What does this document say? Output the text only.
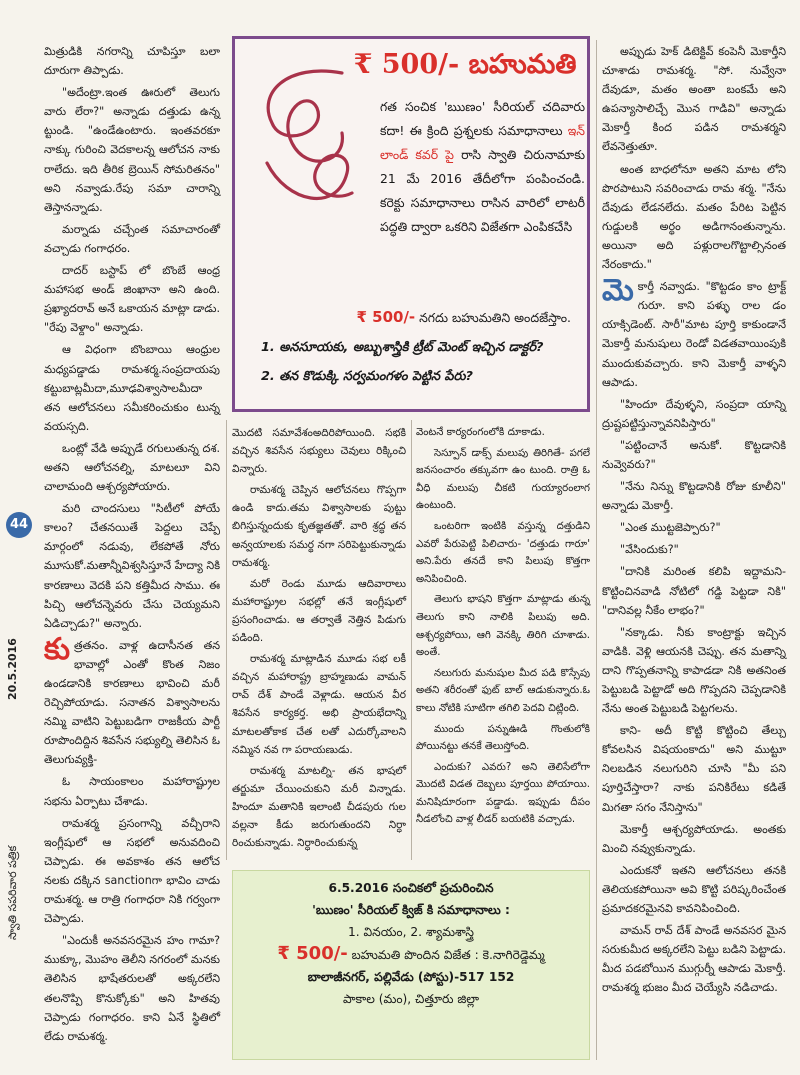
44
20.5.2016
స్వాతి సపరివార పత్రిక

మిత్రుడికి నగరాన్ని చూపిస్తూ బలా దూరుగా తిప్పాడు.

"అదేంట్రా.ఇంత ఊరులో తెలుగు వారు లేరా?" అన్నాడు దత్తుడు ఉన్న ట్టుండి. "ఉండేఉంటారు. ఇంతవరకూ నాక్కు గురించి వెదకాలన్న ఆలోచన నాకు రాలేదు. ఇది తీరిక బ్రెయిన్ సోమరితనం" అని నవ్వాడు.రేపు సమా చారాన్ని తెస్తానన్నాడు.

మర్నాడు చచ్చేంత సమాచారంతో వచ్చాడు గంగాధరం.

దాదర్ బస్టాప్ లో బొంబే ఆంధ్ర మహాసభ అండ్ జింఖానా అని ఉంది. ప్రఖ్యాదరావ్ అనే ఒకాయన మాట్లా డాడు. "రేపు వెళ్దాం" అన్నాడు.

ఆ విధంగా బొంబాయి ఆంధ్రుల మధ్యపడ్డాడు రామశర్మ.సంప్రదాయపు కట్టుబాట్లమీదా,మూఢవిశ్వాసాలమీదా తన ఆలోచనలు సమీకరించుకుం టున్న వయస్సది.

ఒంట్లో వేడి అప్పుడే రగులుతున్న దశ. అతని ఆలోచనల్ని, మాటలూ విని చాలామంది ఆశ్చర్యపోయారు.

మరి చాందసులు "సిటీలో పోయే కాలం? చేతనయితే పెద్దలు చెప్పే మార్గంలో నడువు, లేకపోతే నోరు మూసుకో.మతాన్నీవిశ్వసిస్తూనే హేద్యా నికి కారణాలు వెదకి పని కత్తిమీద సాము. ఈ పిచ్చి ఆలోచన్నెవరు చేసు చెయ్యమని ఏడిచ్చాడు?" అన్నారు.

కుత్రతనం. వాళ్ల ఉదాసీనత తన భావాల్లో ఎంతో కొంత నిజం ఉండడానికి కారణాలు భావించి మరీ రెచ్చిపోయాడు. సనాతన విశ్వాసాలను నమ్మి వాటిని పెట్టుబడిగా రాజకీయ పార్టీ రూపొందిద్దిన శివసేన సభ్యుల్ని తెలిసిన ఓ తెలుగువ్యక్తి-

ఓ సాయంకాలం మహారాష్ట్రుల సభను ఏర్పాటు చేశాడు.

రామశర్మ ప్రసంగాన్ని వచ్చీరాని ఇంగ్లీషులో ఆ సభలో అనువదించి చెప్పాడు. ఈ అవకాశం తన ఆలోచ నలకు దక్కిన sanctionగా భావిం చాడు రామశర్మ. ఆ రాత్రి గంగాధరా నికి గర్వంగా చెప్పాడు.

"ఎందుకీ అనవసరమైన హం గామా? ముక్కూ, మొహం తెలీని నగరంలో మనకు తెలిసిన భాషేతరులతో అక్కరలేని తలనొప్పి కొనుక్కోకు" అని హితవు చెప్పాడు గంగాధరం. కాని ఏనే స్థితిలో లేడు రామశర్మ.

₹ 500/- బహుమతి
గత సంచిక 'ఋణం' సీరియల్ చదివారు కదా! ఈ క్రింది ప్రశ్నలకు సమాధానాలు ఇన్ లాండ్ కవర్ పై రాసి స్వాతి చిరునామాకు 21 మే 2016 తేదీలోగా పంపించండి. కరెక్టు సమాధానాలు రాసిన వారిలో లాటరీ పద్ధతి ద్వారా ఒకరిని విజేతగా ఎంపికచేసి
₹ 500/- నగదు బహుమతిని అందజేస్తాం.
1. అనసూయకు, అబ్బుశాస్త్రికి ట్రీట్ మెంట్ ఇచ్చిన డాక్టర్?
2. తన కొడుక్కి సర్వమంగళం పెట్టిన పేరు?

మొదటి సమావేశంఅదిరిపోయింది. సభకి వచ్చిన శివసేన సభ్యులు చెవులు రిక్కించి విన్నారు.

రామశర్మ చెప్పిన ఆలోచనలు గొప్పగా ఉండి కాదు.తమ విశ్వాసాలకు పుట్టు బిగిస్తున్నందుకు కృతజ్ఞతతో. వారి శ్రద్ధ తన అన్వయాలకు సమర్థ నగా సరిపెట్టుకున్నాడు రామశర్మ.

మరో రెండు మూడు ఆదివారాలు మహారాష్ట్రుల సభల్లో తనే ఇంగ్లీషులో ప్రసంగించాడు. ఆ తర్వాతే నెత్తిన పిడుగు పడింది.

రామశర్మ మాట్లాడిన మూడు సభ లకీ వచ్చిన మహారాష్ట్ర బ్రాహ్మణుడు వామన్ రావ్ దేశ్ పాండే వెళ్లాడు. ఆయన వీర శివసేన కార్యకర్త. అభి ప్రాయభేదాన్ని మాటలతోకాక చేత లతో ఎదుర్కోవాలని నమ్మిన నవ గా పరాయణుడు.

రామశర్మ మాటల్ని- తన భాషలో తర్జుమా చేయించుకుని మరీ విన్నాడు. హిందూ మతానికి ఇలాంటి చీడపురు గుల వల్లనా కీడు జరుగుతుందని నిర్ధా రించుకున్నాడు. నిర్ధారించుకున్న

వెంటనే కార్యరంగంలోకి దూకాడు.

సెస్పూన్ డాక్స్ మలుపు తిరిగితే- పగలే జనసంచారం తక్కువగా ఉం టుంది. రాత్రి ఓ వీధి మలుపు చీకటి గుయ్యారంలాగ ఉంటుంది.

ఒంటరిగా ఇంటికి వస్తున్న దత్తుడిని ఎవరో పేరుపెట్టి పిలిచారు- 'దత్తుడు గారూ' అని.పేరు తనదే కాని పిలుపు కొత్తగా అనిపించింది.

తెలుగు భాషని కొత్తగా మాట్లాడు తున్న తెలుగు కాని నాలికి పిలుపు అది. ఆశ్చర్యపోయి, ఆగి వెనక్కి తిరిగి చూశాడు. అంతే.

నలుగురు మనుషుల మీద పడి కొస్సేపు అతని శరీరంతో ఫుట్ బాల్ ఆడుకున్నారు.ఓ కాలు నోటికి సూటిగా తగిలి పెదవి చిట్లింది.

ముందు పన్నుఊడి గొంతులోకి పోయినట్టు తనకే తెలుస్తోంది.

ఎందుకు? ఎవరు? అని తెలిసేలోగా మొదటి విడత దెబ్బలు పూర్తయి పోయాయి. మనిషిదూరంగా పడ్డాడు. ఇప్పుడు దీపం నీడలోంచి వాళ్ల లీడర్ బయటికి వచ్చాడు.

6.5.2016 సంచికలో ప్రచురించిన
'ఋణం' సీరియల్ క్విజ్ కి సమాధానాలు :
1. వినయం, 2. శ్యామశాస్త్రి
₹ 500/- బహుమతి పొందిన విజేత : కె.నాగిరెడ్డెమ్మ
బాలాజీనగర్, పల్లివేడు (పోస్టు)-517 152
పాకాల (మం), చిత్తూరు జిల్లా

అప్పుడు హెక్ డిటెక్టివ్ కంపెనీ మెకార్తీని చూశాడు రామశర్మ. "సో. నువ్వేనా దేవుడూ, మతం అంతా బంకమే అని ఉపన్యాసాలిచ్చే మొన గాడివి" అన్నాడు మెకార్తీ కింద పడిన రామశర్మని లేవనెత్తుతూ.

అంత బాధలోనూ అతని మాట లోని పొరపాటుని సవరించాడు రామ శర్మ. "నేను దేవుడు లేడనలేదు. మతం పేరిట పెట్టిన గుడ్డులకి అర్థం అడిగానంతున్నాను. అయినా అది పళ్లురాలగొట్టాల్సినంత నేరంకాదు."

మెకార్తీ నవ్వాడు. "కొట్టడం కాం ట్రాక్ట్ గురూ. కాని పళ్ళు రాల డం యాక్సిడెంట్. సారీ"మాట పూర్తి కాకుండానే మెకార్తీ మనుషులు రెండో విడతవాయింపుకి ముందుకువచ్చారు. కాని మెకార్తీ వాళ్ళని ఆపాడు.

"హిందూ దేవుళ్ళని, సంప్రదా యాన్ని ద్రుష్టపట్టిస్తున్నావనిపిస్తారు"

"పట్టించానే అనుకో. కొట్టడానికి నువ్వెవరు?"

"నేను నిన్ను కొట్టడానికి రోజు కూలీని" అన్నాడు మెకార్తీ.

"ఎంత ముట్టజెప్పారు?"

"వేసిందుకు?"

"దానికి మరింత కలిపి ఇద్దామని- కొట్టించినవాడి నోటిలో గడ్డి పెట్టడా నికి" "దానివల్ల నీకేం లాభం?"

"నక్కాడు. నీకు కాంట్రాక్టు ఇచ్చిన వాడికి. వెళ్లి ఆయనకి చెప్పు. తన మతాన్ని దాని గొప్పతనాన్ని కాపాడడా నికి అతనింత పెట్టుబడి పెట్టాడో అది గొప్పదని చెప్పడానికి నేను అంత పెట్టుబడి పెట్టగలను.

కాని- అదీ కొట్టి కొట్టించి తేల్చు కోవలసిన విషయంకాదు" అని ముట్టూ నిలబడిన నలుగురిని చూసి "మీ పని పూర్తిచేస్తారా? నాకు పనికిరేటు కడితే మిగతా సగం నేనిస్తాను"

మెకార్తీ ఆశ్చర్యపోయాడు. అంతకు మించి నవ్వుకున్నాడు.

ఎందుకనో ఇతని ఆలోచనలు తనకి తెలియకపోయినా అవి కొట్టి పరిష్కరించేంత ప్రమాదకరమైనవి కావనిపించింది.

వామన్ రావ్ దేశ్ పాండే అనవసర మైన సరుకుమీద అక్కరలేని పెట్టు బడిని పెట్టాడు. మీద పడబోయిన ముగ్గుర్నీ ఆపాడు మెకార్తీ. రామశర్మ భుజం మీద చెయ్యేసి నడిచాడు.
